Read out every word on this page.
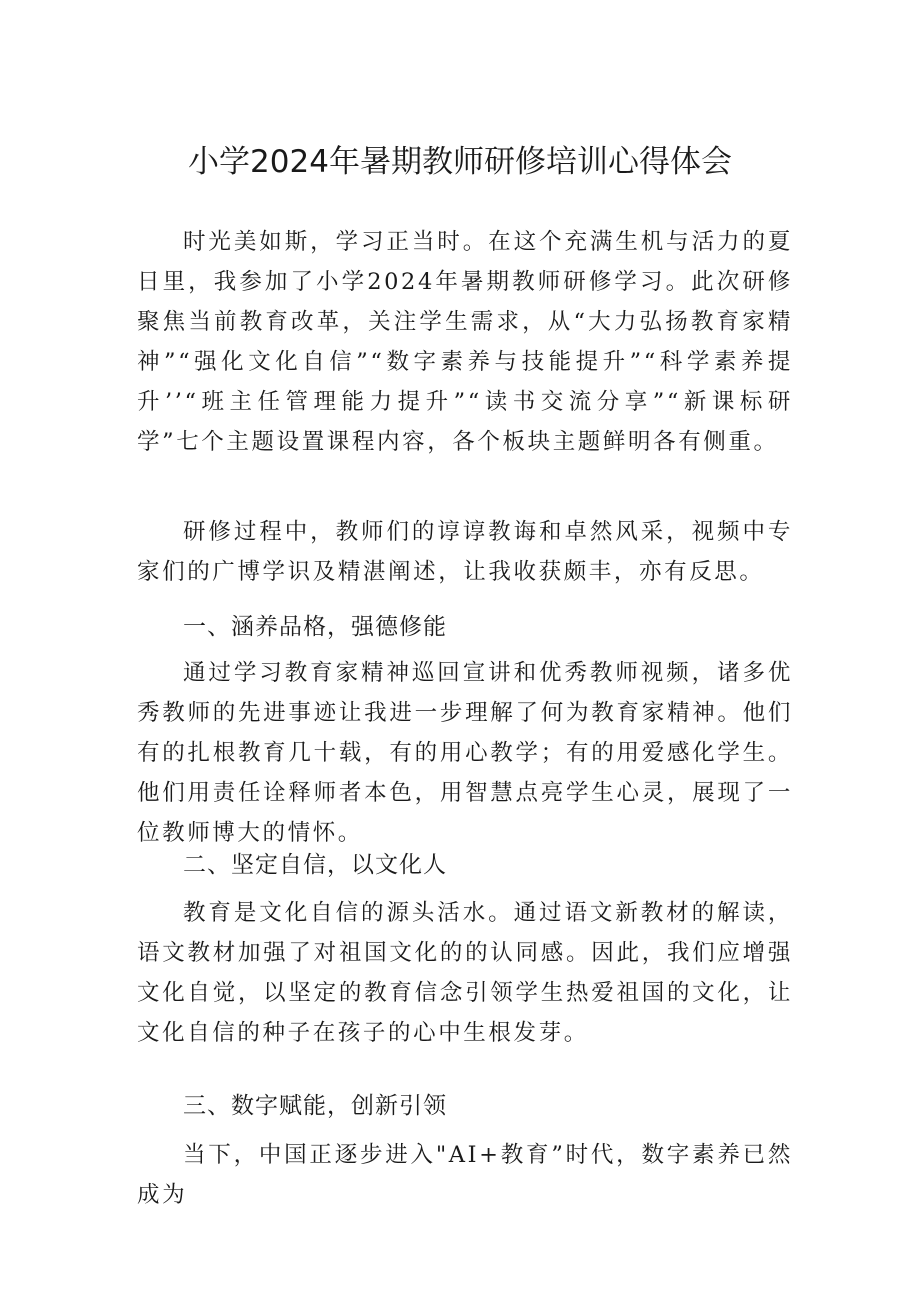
小学2024年暑期教师研修培训心得体会

时光美如斯，学习正当时。在这个充满生机与活力的夏日里，我参加了小学2024年暑期教师研修学习。此次研修聚焦当前教育改革，关注学生需求，从“大力弘扬教育家精神”“强化文化自信”“数字素养与技能提升”“科学素养提升’’“班主任管理能力提升”“读书交流分享”“新课标研学”七个主题设置课程内容，各个板块主题鲜明各有侧重。

研修过程中，教师们的谆谆教诲和卓然风采，视频中专家们的广博学识及精湛阐述，让我收获颇丰，亦有反思。

一、涵养品格，强德修能

通过学习教育家精神巡回宣讲和优秀教师视频，诸多优秀教师的先进事迹让我进一步理解了何为教育家精神。他们有的扎根教育几十载，有的用心教学；有的用爱感化学生。他们用责任诠释师者本色，用智慧点亮学生心灵，展现了一位教师博大的情怀。

二、坚定自信，以文化人

教育是文化自信的源头活水。通过语文新教材的解读，语文教材加强了对祖国文化的的认同感。因此，我们应增强文化自觉，以坚定的教育信念引领学生热爱祖国的文化，让文化自信的种子在孩子的心中生根发芽。

三、数字赋能，创新引领

当下，中国正逐步进入"AI+教育”时代，数字素养已然成为
